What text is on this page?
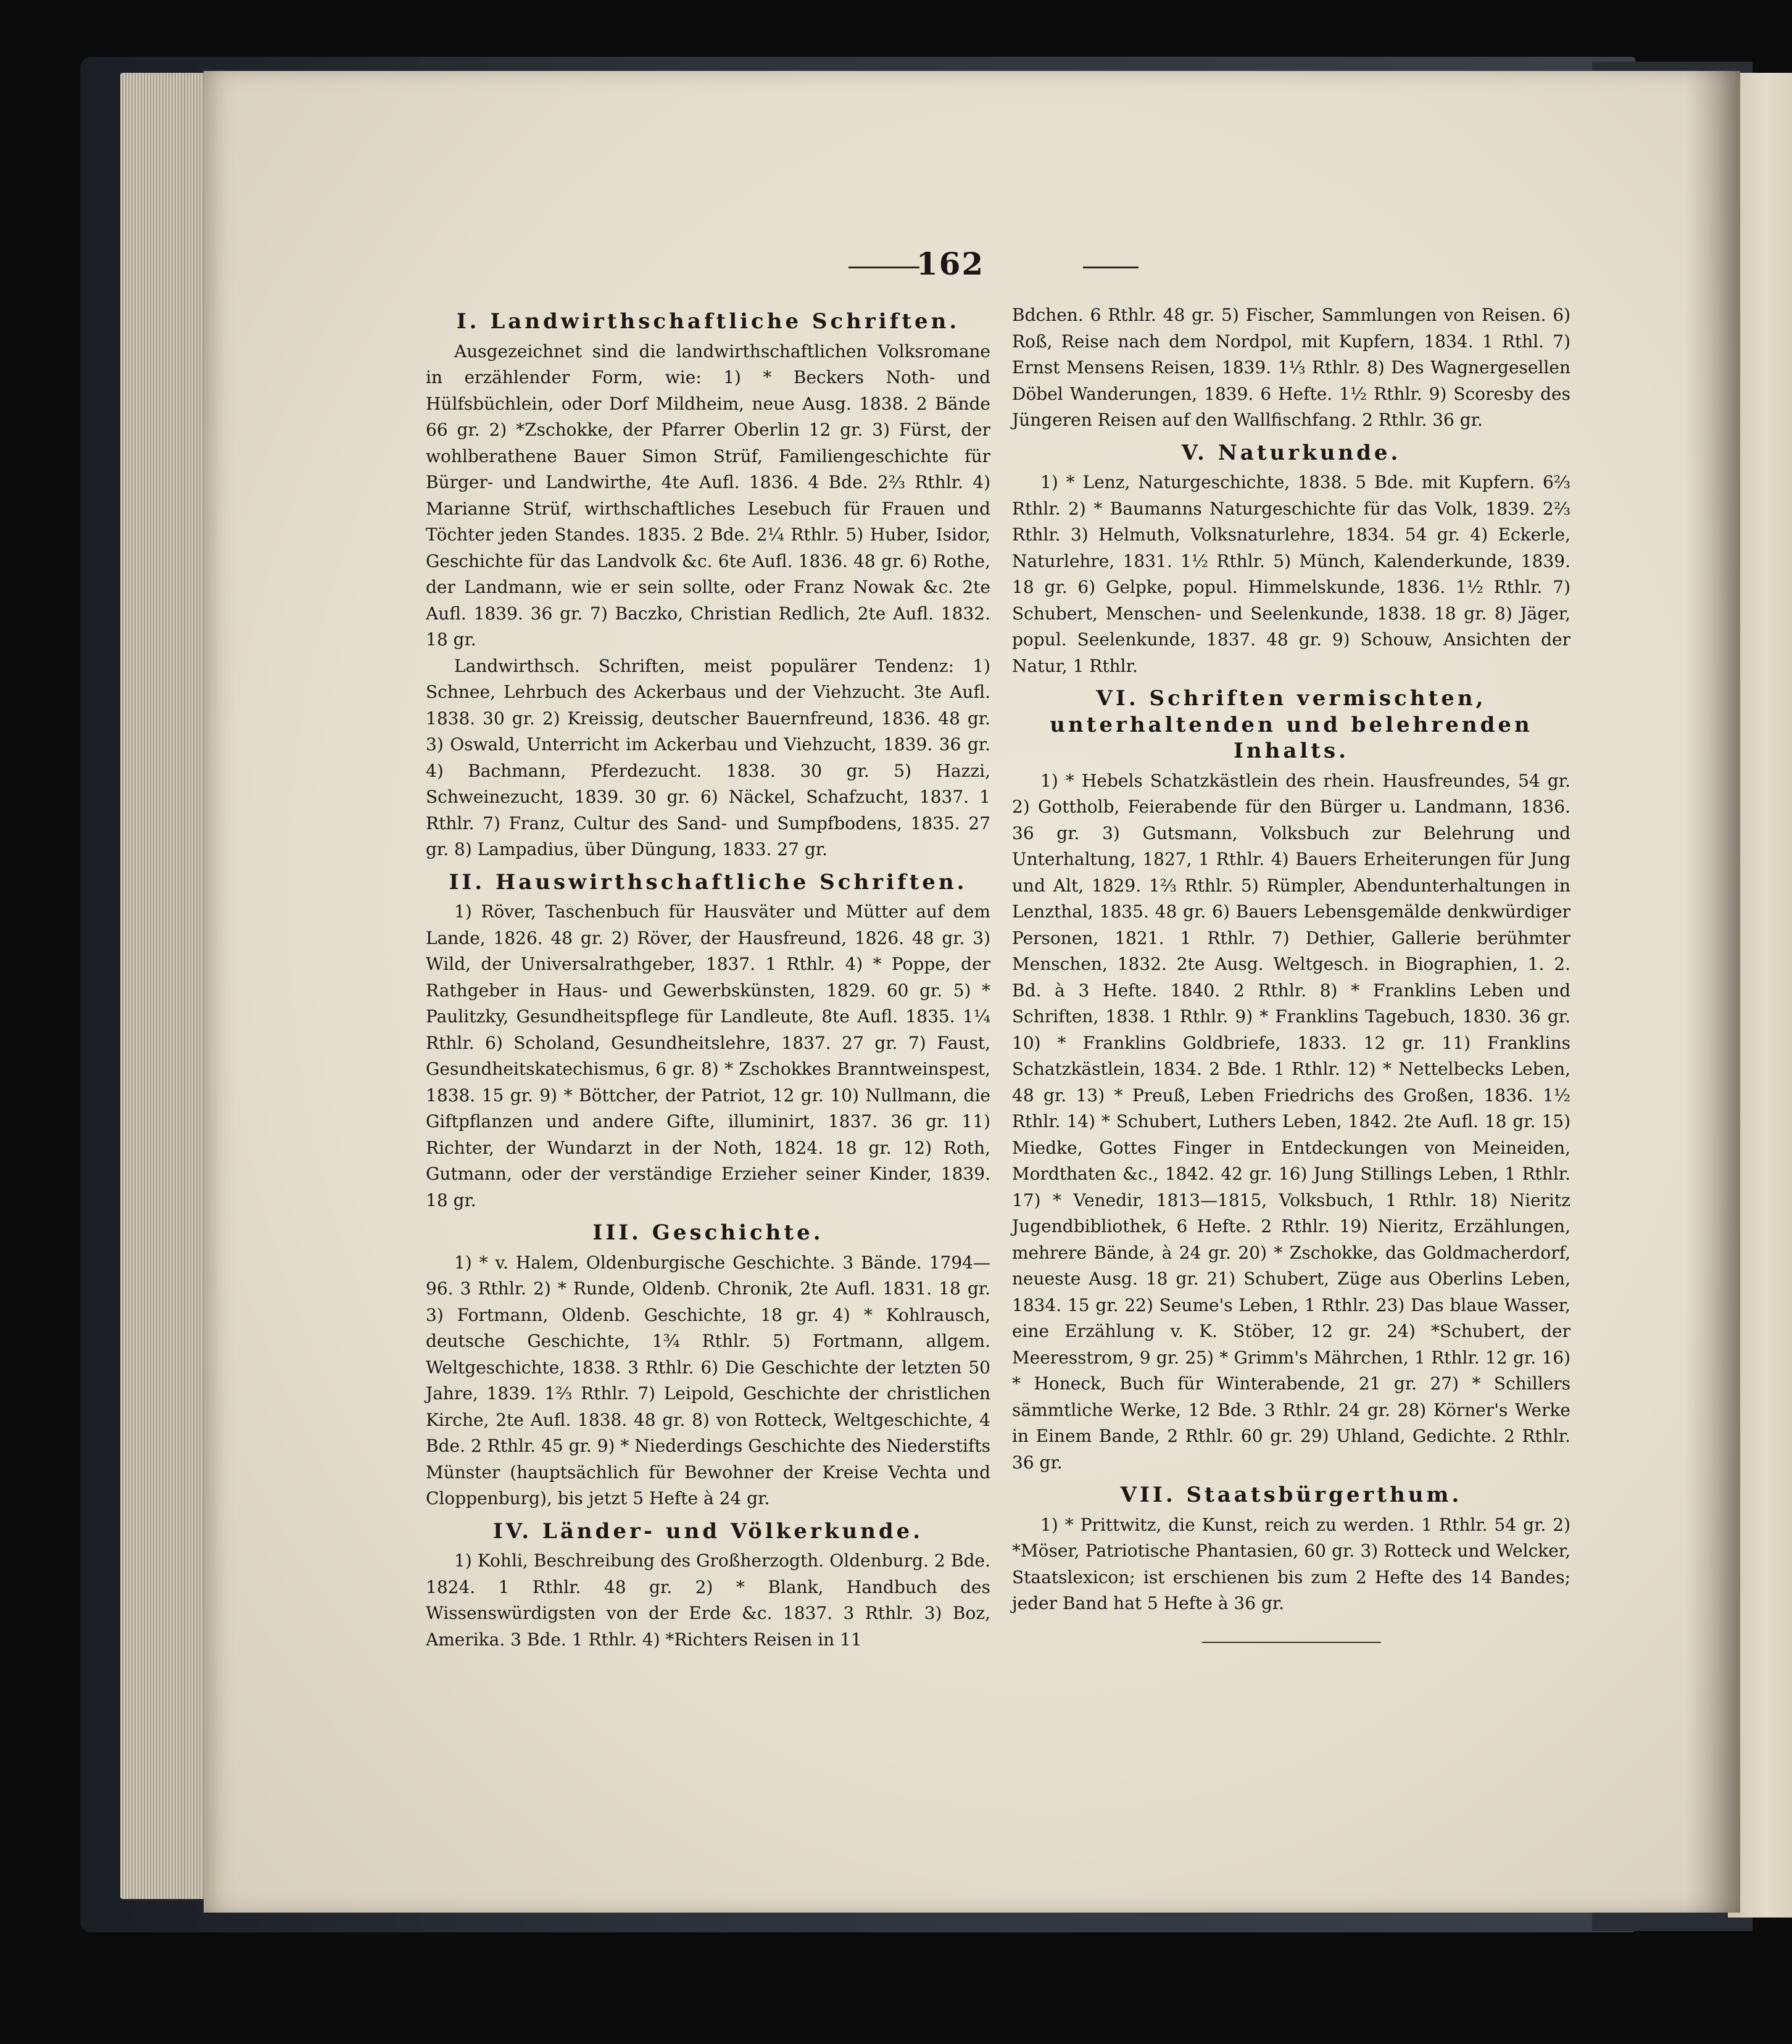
162
I. Landwirthschaftliche Schriften.
Ausgezeichnet sind die landwirthschaftlichen Volksromane in erzählender Form, wie: 1) * Beckers Noth- und Hülfsbüchlein, oder Dorf Mildheim, neue Ausg. 1838. 2 Bände 66 gr. 2) *Zschokke, der Pfarrer Oberlin 12 gr. 3) Fürst, der wohlberathene Bauer Simon Strüf, Familiengeschichte für Bürger- und Landwirthe, 4te Aufl. 1836. 4 Bde. 2⅔ Rthlr. 4) Marianne Strüf, wirthschaftliches Lesebuch für Frauen und Töchter jeden Standes. 1835. 2 Bde. 2¼ Rthlr. 5) Huber, Isidor, Geschichte für das Landvolk &c. 6te Aufl. 1836. 48 gr. 6) Rothe, der Landmann, wie er sein sollte, oder Franz Nowak &c. 2te Aufl. 1839. 36 gr. 7) Baczko, Christian Redlich, 2te Aufl. 1832. 18 gr.
Landwirthsch. Schriften, meist populärer Tendenz: 1) Schnee, Lehrbuch des Ackerbaus und der Viehzucht. 3te Aufl. 1838. 30 gr. 2) Kreissig, deutscher Bauernfreund, 1836. 48 gr. 3) Oswald, Unterricht im Ackerbau und Viehzucht, 1839. 36 gr. 4) Bachmann, Pferdezucht. 1838. 30 gr. 5) Hazzi, Schweinezucht, 1839. 30 gr. 6) Näckel, Schafzucht, 1837. 1 Rthlr. 7) Franz, Cultur des Sand- und Sumpfbodens, 1835. 27 gr. 8) Lampadius, über Düngung, 1833. 27 gr.
II. Hauswirthschaftliche Schriften.
1) Röver, Taschenbuch für Hausväter und Mütter auf dem Lande, 1826. 48 gr. 2) Röver, der Hausfreund, 1826. 48 gr. 3) Wild, der Universalrathgeber, 1837. 1 Rthlr. 4) * Poppe, der Rathgeber in Haus- und Gewerbskünsten, 1829. 60 gr. 5) * Paulitzky, Gesundheitspflege für Landleute, 8te Aufl. 1835. 1¼ Rthlr. 6) Scholand, Gesundheitslehre, 1837. 27 gr. 7) Faust, Gesundheitskatechismus, 6 gr. 8) * Zschokkes Branntweinspest, 1838. 15 gr. 9) * Böttcher, der Patriot, 12 gr. 10) Nullmann, die Giftpflanzen und andere Gifte, illuminirt, 1837. 36 gr. 11) Richter, der Wundarzt in der Noth, 1824. 18 gr. 12) Roth, Gutmann, oder der verständige Erzieher seiner Kinder, 1839. 18 gr.
III. Geschichte.
1) * v. Halem, Oldenburgische Geschichte. 3 Bände. 1794—96. 3 Rthlr. 2) * Runde, Oldenb. Chronik, 2te Aufl. 1831. 18 gr. 3) Fortmann, Oldenb. Geschichte, 18 gr. 4) * Kohlrausch, deutsche Geschichte, 1¾ Rthlr. 5) Fortmann, allgem. Weltgeschichte, 1838. 3 Rthlr. 6) Die Geschichte der letzten 50 Jahre, 1839. 1⅔ Rthlr. 7) Leipold, Geschichte der christlichen Kirche, 2te Aufl. 1838. 48 gr. 8) von Rotteck, Weltgeschichte, 4 Bde. 2 Rthlr. 45 gr. 9) * Niederdings Geschichte des Niederstifts Münster (hauptsächlich für Bewohner der Kreise Vechta und Cloppenburg), bis jetzt 5 Hefte à 24 gr.
IV. Länder- und Völkerkunde.
1) Kohli, Beschreibung des Großherzogth. Oldenburg. 2 Bde. 1824. 1 Rthlr. 48 gr. 2) * Blank, Handbuch des Wissenswürdigsten von der Erde &c. 1837. 3 Rthlr. 3) Boz, Amerika. 3 Bde. 1 Rthlr. 4) *Richters Reisen in 11
Bdchen. 6 Rthlr. 48 gr. 5) Fischer, Sammlungen von Reisen. 6) Roß, Reise nach dem Nordpol, mit Kupfern, 1834. 1 Rthl. 7) Ernst Mensens Reisen, 1839. 1⅓ Rthlr. 8) Des Wagnergesellen Döbel Wanderungen, 1839. 6 Hefte. 1½ Rthlr. 9) Scoresby des Jüngeren Reisen auf den Wallfischfang. 2 Rthlr. 36 gr.
V. Naturkunde.
1) * Lenz, Naturgeschichte, 1838. 5 Bde. mit Kupfern. 6⅔ Rthlr. 2) * Baumanns Naturgeschichte für das Volk, 1839. 2⅔ Rthlr. 3) Helmuth, Volksnaturlehre, 1834. 54 gr. 4) Eckerle, Naturlehre, 1831. 1½ Rthlr. 5) Münch, Kalenderkunde, 1839. 18 gr. 6) Gelpke, popul. Himmelskunde, 1836. 1½ Rthlr. 7) Schubert, Menschen- und Seelenkunde, 1838. 18 gr. 8) Jäger, popul. Seelenkunde, 1837. 48 gr. 9) Schouw, Ansichten der Natur, 1 Rthlr.
VI. Schriften vermischten, unterhaltenden und belehrenden Inhalts.
1) * Hebels Schatzkästlein des rhein. Hausfreundes, 54 gr. 2) Gottholb, Feierabende für den Bürger u. Landmann, 1836. 36 gr. 3) Gutsmann, Volksbuch zur Belehrung und Unterhaltung, 1827, 1 Rthlr. 4) Bauers Erheiterungen für Jung und Alt, 1829. 1⅔ Rthlr. 5) Rümpler, Abendunterhaltungen in Lenzthal, 1835. 48 gr. 6) Bauers Lebensgemälde denkwürdiger Personen, 1821. 1 Rthlr. 7) Dethier, Gallerie berühmter Menschen, 1832. 2te Ausg. Weltgesch. in Biographien, 1. 2. Bd. à 3 Hefte. 1840. 2 Rthlr. 8) * Franklins Leben und Schriften, 1838. 1 Rthlr. 9) * Franklins Tagebuch, 1830. 36 gr. 10) * Franklins Goldbriefe, 1833. 12 gr. 11) Franklins Schatzkästlein, 1834. 2 Bde. 1 Rthlr. 12) * Nettelbecks Leben, 48 gr. 13) * Preuß, Leben Friedrichs des Großen, 1836. 1½ Rthlr. 14) * Schubert, Luthers Leben, 1842. 2te Aufl. 18 gr. 15) Miedke, Gottes Finger in Entdeckungen von Meineiden, Mordthaten &c., 1842. 42 gr. 16) Jung Stillings Leben, 1 Rthlr. 17) * Venedir, 1813—1815, Volksbuch, 1 Rthlr. 18) Nieritz Jugendbibliothek, 6 Hefte. 2 Rthlr. 19) Nieritz, Erzählungen, mehrere Bände, à 24 gr. 20) * Zschokke, das Goldmacherdorf, neueste Ausg. 18 gr. 21) Schubert, Züge aus Oberlins Leben, 1834. 15 gr. 22) Seume's Leben, 1 Rthlr. 23) Das blaue Wasser, eine Erzählung v. K. Stöber, 12 gr. 24) *Schubert, der Meeresstrom, 9 gr. 25) * Grimm's Mährchen, 1 Rthlr. 12 gr. 16) * Honeck, Buch für Winterabende, 21 gr. 27) * Schillers sämmtliche Werke, 12 Bde. 3 Rthlr. 24 gr. 28) Körner's Werke in Einem Bande, 2 Rthlr. 60 gr. 29) Uhland, Gedichte. 2 Rthlr. 36 gr.
VII. Staatsbürgerthum.
1) * Prittwitz, die Kunst, reich zu werden. 1 Rthlr. 54 gr. 2) *Möser, Patriotische Phantasien, 60 gr. 3) Rotteck und Welcker, Staatslexicon; ist erschienen bis zum 2 Hefte des 14 Bandes; jeder Band hat 5 Hefte à 36 gr.
